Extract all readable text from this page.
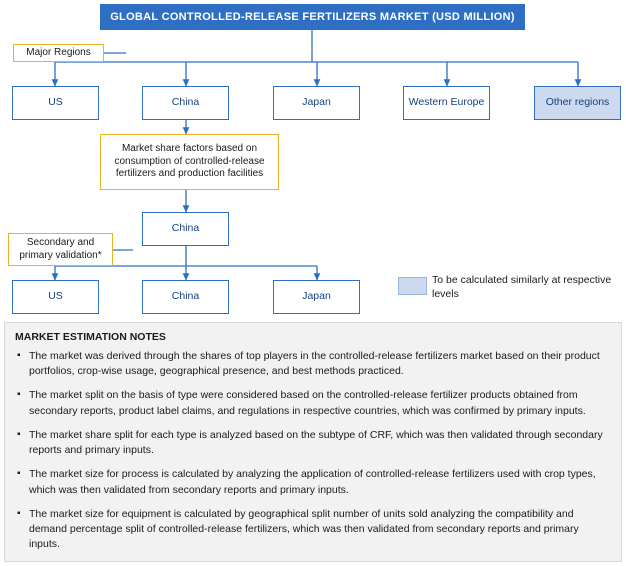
GLOBAL CONTROLLED-RELEASE FERTILIZERS MARKET (USD MILLION)
Major Regions
US	China	Japan	Western Europe	Other regions
Market share factors based on consumption of controlled-release fertilizers and production facilities
China
Secondary and primary validation*
US	China	Japan
To be calculated similarly at respective levels
MARKET ESTIMATION NOTES
▪ The market was derived through the shares of top players in the controlled-release fertilizers market based on their product portfolios, crop-wise usage, geographical presence, and best methods practiced.
▪ The market split on the basis of type were considered based on the controlled-release fertilizer products obtained from secondary reports, product label claims, and regulations in respective countries, which was confirmed by primary inputs.
▪ The market share split for each type is analyzed based on the subtype of CRF, which was then validated through secondary reports and primary inputs.
▪ The market size for process is calculated by analyzing the application of controlled-release fertilizers used with crop types, which was then validated from secondary reports and primary inputs.
▪ The market size for equipment is calculated by geographical split number of units sold analyzing the compatibility and demand percentage split of controlled-release fertilizers, which was then validated from secondary reports and primary inputs.
